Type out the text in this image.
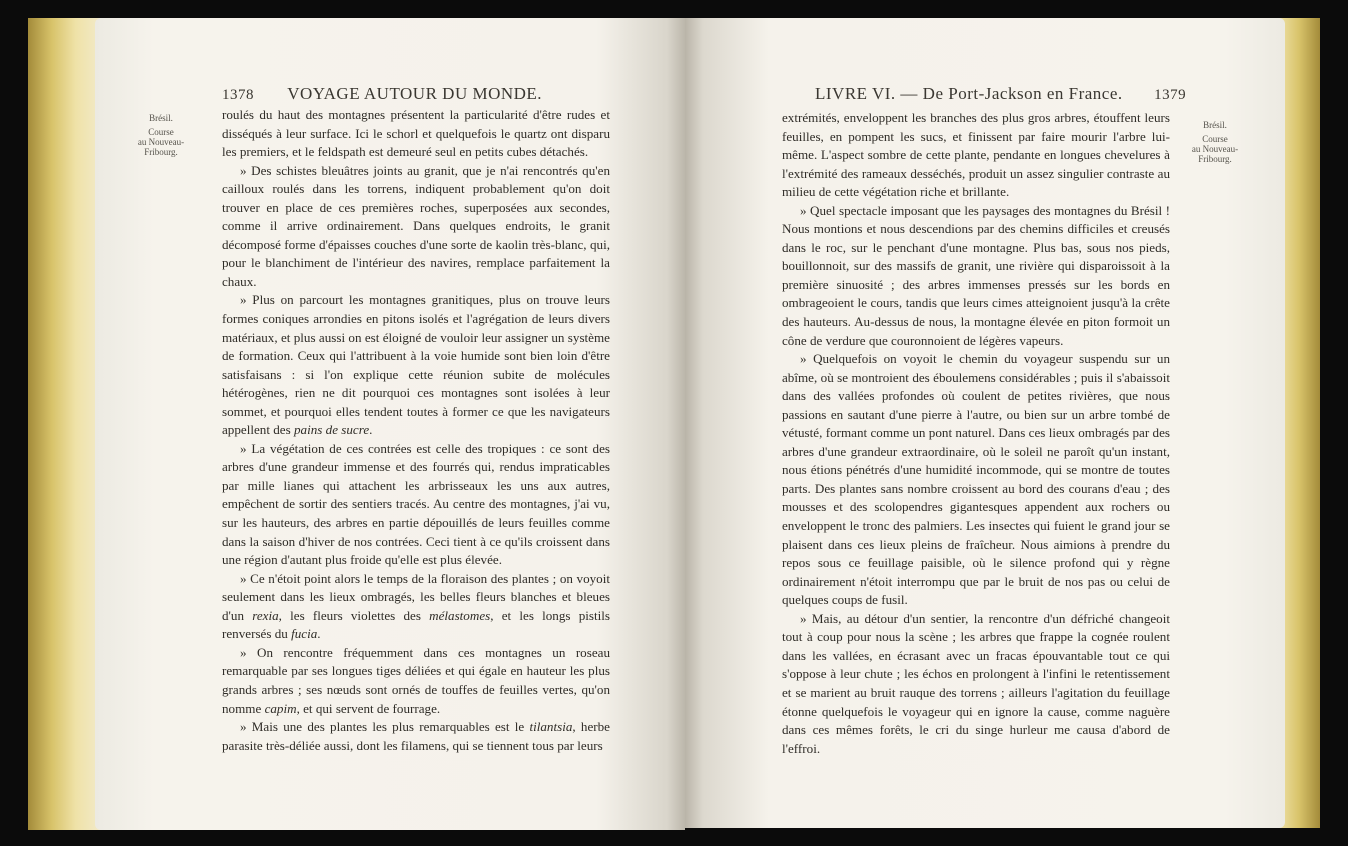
1378 VOYAGE AUTOUR DU MONDE.
Brésil.
Course
au Nouveau-
Fribourg.

roulés du haut des montagnes présentent la particularité d'être rudes et disséqués à leur surface. Ici le schorl et quelquefois le quartz ont disparu les premiers, et le feldspath est demeuré seul en petits cubes détachés.

» Des schistes bleuâtres joints au granit, que je n'ai rencontrés qu'en cailloux roulés dans les torrens, indiquent probablement qu'on doit trouver en place de ces premières roches, superposées aux secondes, comme il arrive ordinairement. Dans quelques endroits, le granit décomposé forme d'épaisses couches d'une sorte de kaolin très-blanc, qui, pour le blanchiment de l'intérieur des navires, remplace parfaitement la chaux.

» Plus on parcourt les montagnes granitiques, plus on trouve leurs formes coniques arrondies en pitons isolés et l'agrégation de leurs divers matériaux, et plus aussi on est éloigné de vouloir leur assigner un système de formation. Ceux qui l'attribuent à la voie humide sont bien loin d'être satisfaisans : si l'on explique cette réunion subite de molécules hétérogènes, rien ne dit pourquoi ces montagnes sont isolées à leur sommet, et pourquoi elles tendent toutes à former ce que les navigateurs appellent des pains de sucre.

» La végétation de ces contrées est celle des tropiques : ce sont des arbres d'une grandeur immense et des fourrés qui, rendus impraticables par mille lianes qui attachent les arbrisseaux les uns aux autres, empêchent de sortir des sentiers tracés. Au centre des montagnes, j'ai vu, sur les hauteurs, des arbres en partie dépouillés de leurs feuilles comme dans la saison d'hiver de nos contrées. Ceci tient à ce qu'ils croissent dans une région d'autant plus froide qu'elle est plus élevée.

» Ce n'étoit point alors le temps de la floraison des plantes ; on voyoit seulement dans les lieux ombragés, les belles fleurs blanches et bleues d'un rexia, les fleurs violettes des mélastomes, et les longs pistils renversés du fucia.

» On rencontre fréquemment dans ces montagnes un roseau remarquable par ses longues tiges déliées et qui égale en hauteur les plus grands arbres ; ses nœuds sont ornés de touffes de feuilles vertes, qu'on nomme capim, et qui servent de fourrage.

» Mais une des plantes les plus remarquables est le tilantsia, herbe parasite très-déliée aussi, dont les filamens, qui se tiennent tous par leurs

LIVRE VI. — De Port-Jackson en France. 1379
Brésil.
Course
au Nouveau-
Fribourg.

extrémités, enveloppent les branches des plus gros arbres, étouffent leurs feuilles, en pompent les sucs, et finissent par faire mourir l'arbre lui-même. L'aspect sombre de cette plante, pendante en longues chevelures à l'extrémité des rameaux desséchés, produit un assez singulier contraste au milieu de cette végétation riche et brillante.

» Quel spectacle imposant que les paysages des montagnes du Brésil ! Nous montions et nous descendions par des chemins difficiles et creusés dans le roc, sur le penchant d'une montagne. Plus bas, sous nos pieds, bouillonnoit, sur des massifs de granit, une rivière qui disparoissoit à la première sinuosité ; des arbres immenses pressés sur les bords en ombrageoient le cours, tandis que leurs cimes atteignoient jusqu'à la crête des hauteurs. Au-dessus de nous, la montagne élevée en piton formoit un cône de verdure que couronnoient de légères vapeurs.

» Quelquefois on voyoit le chemin du voyageur suspendu sur un abîme, où se montroient des éboulemens considérables ; puis il s'abaissoit dans des vallées profondes où coulent de petites rivières, que nous passions en sautant d'une pierre à l'autre, ou bien sur un arbre tombé de vétusté, formant comme un pont naturel. Dans ces lieux ombragés par des arbres d'une grandeur extraordinaire, où le soleil ne paroît qu'un instant, nous étions pénétrés d'une humidité incommode, qui se montre de toutes parts. Des plantes sans nombre croissent au bord des courans d'eau ; des mousses et des scolopendres gigantesques appendent aux rochers ou enveloppent le tronc des palmiers. Les insectes qui fuient le grand jour se plaisent dans ces lieux pleins de fraîcheur. Nous aimions à prendre du repos sous ce feuillage paisible, où le silence profond qui y règne ordinairement n'étoit interrompu que par le bruit de nos pas ou celui de quelques coups de fusil.

» Mais, au détour d'un sentier, la rencontre d'un défriché changeoit tout à coup pour nous la scène ; les arbres que frappe la cognée roulent dans les vallées, en écrasant avec un fracas épouvantable tout ce qui s'oppose à leur chute ; les échos en prolongent à l'infini le retentissement et se marient au bruit rauque des torrens ; ailleurs l'agitation du feuillage étonne quelquefois le voyageur qui en ignore la cause, comme naguère dans ces mêmes forêts, le cri du singe hurleur me causa d'abord de l'effroi.
